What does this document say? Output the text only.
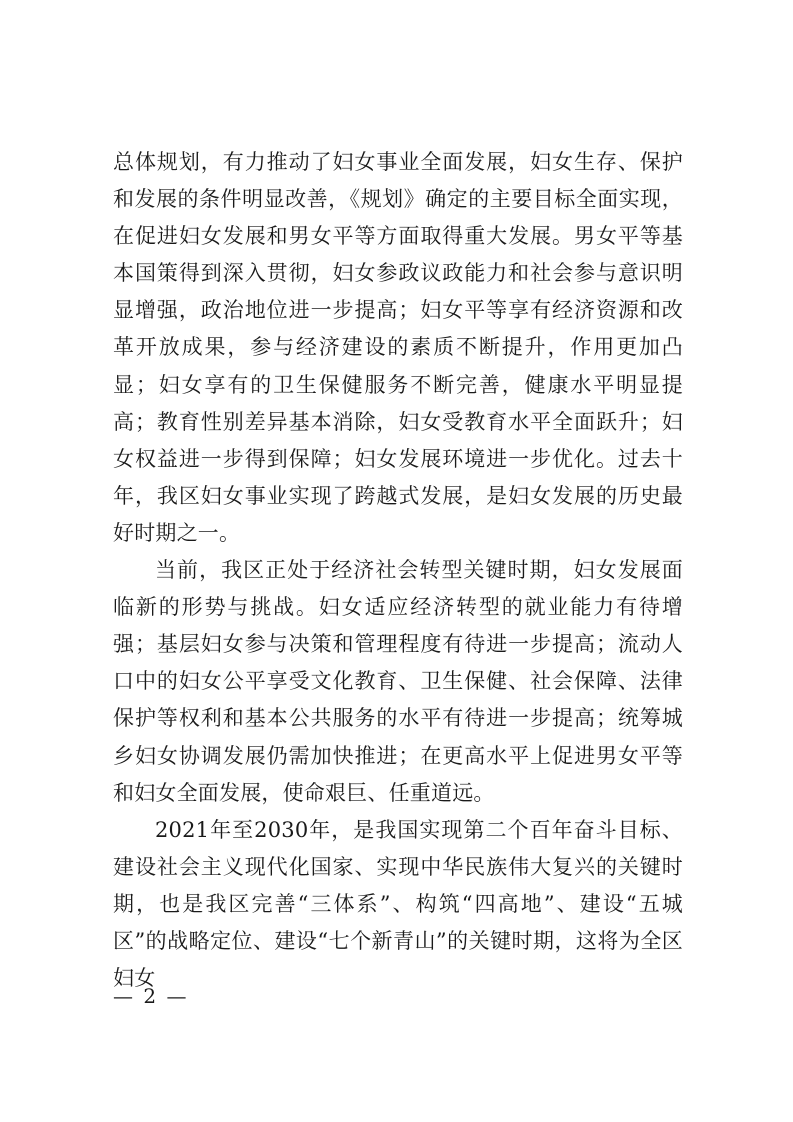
总体规划，有力推动了妇女事业全面发展，妇女生存、保护和发展的条件明显改善，《规划》确定的主要目标全面实现，在促进妇女发展和男女平等方面取得重大发展。男女平等基本国策得到深入贯彻，妇女参政议政能力和社会参与意识明显增强，政治地位进一步提高；妇女平等享有经济资源和改革开放成果，参与经济建设的素质不断提升，作用更加凸显；妇女享有的卫生保健服务不断完善，健康水平明显提高；教育性别差异基本消除，妇女受教育水平全面跃升；妇女权益进一步得到保障；妇女发展环境进一步优化。过去十年，我区妇女事业实现了跨越式发展，是妇女发展的历史最好时期之一。

当前，我区正处于经济社会转型关键时期，妇女发展面临新的形势与挑战。妇女适应经济转型的就业能力有待增强；基层妇女参与决策和管理程度有待进一步提高；流动人口中的妇女公平享受文化教育、卫生保健、社会保障、法律保护等权利和基本公共服务的水平有待进一步提高；统筹城乡妇女协调发展仍需加快推进；在更高水平上促进男女平等和妇女全面发展，使命艰巨、任重道远。

2021年至2030年，是我国实现第二个百年奋斗目标、建设社会主义现代化国家、实现中华民族伟大复兴的关键时期，也是我区完善“三体系”、构筑“四高地”、建设“五城区”的战略定位、建设“七个新青山”的关键时期，这将为全区妇女

— 2 —
